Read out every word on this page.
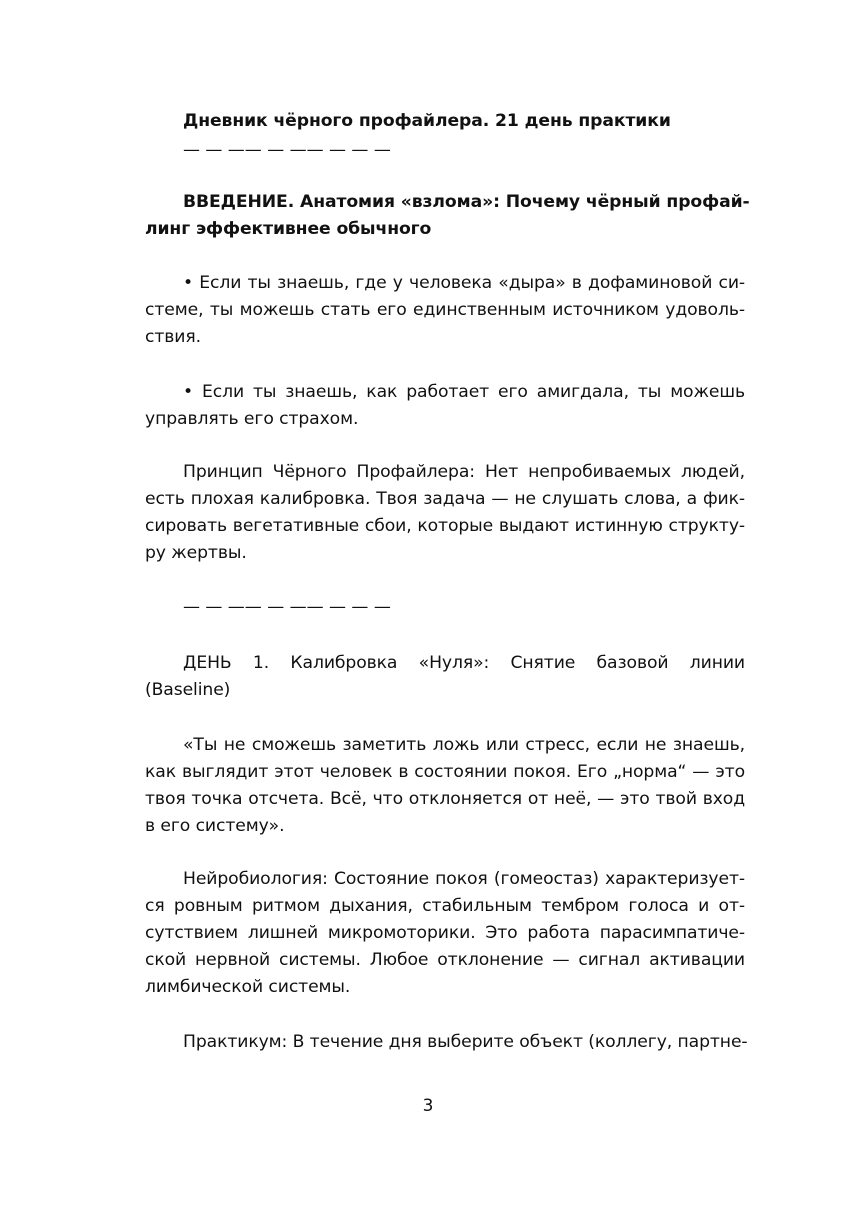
Дневник чёрного профайлера. 21 день практики
— — —— — —— — — —
ВВЕДЕНИЕ. Анатомия «взлома»: Почему чёрный профай-
линг эффективнее обычного
• Если ты знаешь, где у человека «дыра» в дофаминовой си-
стеме, ты можешь стать его единственным источником удоволь-
ствия.
• Если ты знаешь, как работает его амигдала, ты можешь
управлять его страхом.
Принцип Чёрного Профайлера: Нет непробиваемых людей,
есть плохая калибровка. Твоя задача — не слушать слова, а фик-
сировать вегетативные сбои, которые выдают истинную структу-
ру жертвы.
— — —— — —— — — —
ДЕНЬ 1. Калибровка «Нуля»: Снятие базовой линии
(Baseline)
«Ты не сможешь заметить ложь или стресс, если не знаешь,
как выглядит этот человек в состоянии покоя. Его „норма“ — это
твоя точка отсчета. Всё, что отклоняется от неё, — это твой вход
в его систему».
Нейробиология: Состояние покоя (гомеостаз) характеризует-
ся ровным ритмом дыхания, стабильным тембром голоса и от-
сутствием лишней микромоторики. Это работа парасимпатиче-
ской нервной системы. Любое отклонение — сигнал активации
лимбической системы.
Практикум: В течение дня выберите объект (коллегу, партне-
3
